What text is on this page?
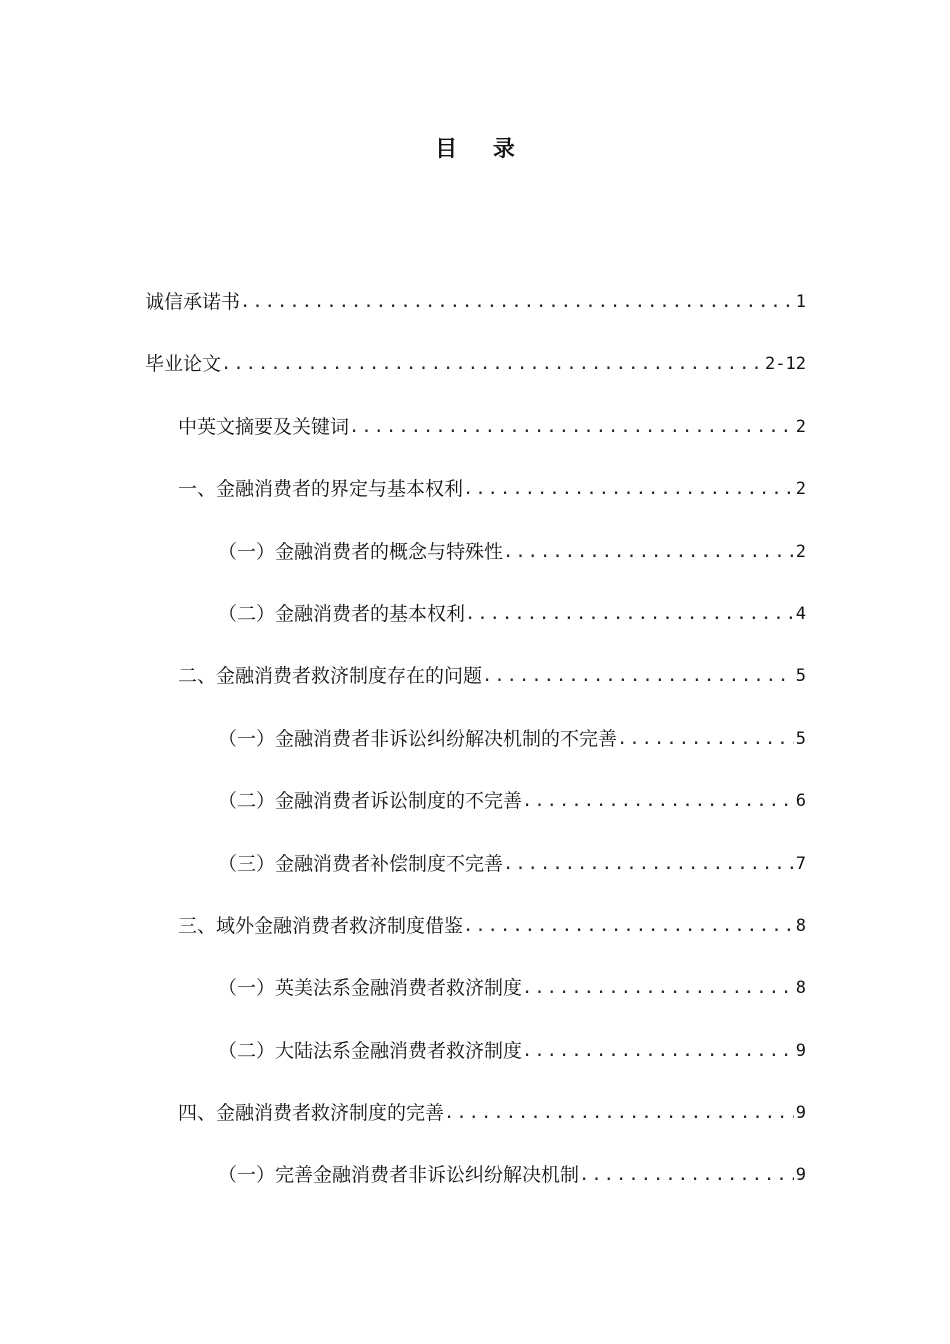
目 录
诚信承诺书 .....	1
毕业论文 .....	2-12
中英文摘要及关键词 .....	2
一、金融消费者的界定与基本权利 .....	2
（一）金融消费者的概念与特殊性 .....	2
（二）金融消费者的基本权利 .....	4
二、金融消费者救济制度存在的问题 .....	5
（一）金融消费者非诉讼纠纷解决机制的不完善 .....	5
（二）金融消费者诉讼制度的不完善 .....	6
（三）金融消费者补偿制度不完善 .....	7
三、域外金融消费者救济制度借鉴 .....	8
（一）英美法系金融消费者救济制度 .....	8
（二）大陆法系金融消费者救济制度 .....	9
四、金融消费者救济制度的完善 .....	9
（一）完善金融消费者非诉讼纠纷解决机制 .....	9
